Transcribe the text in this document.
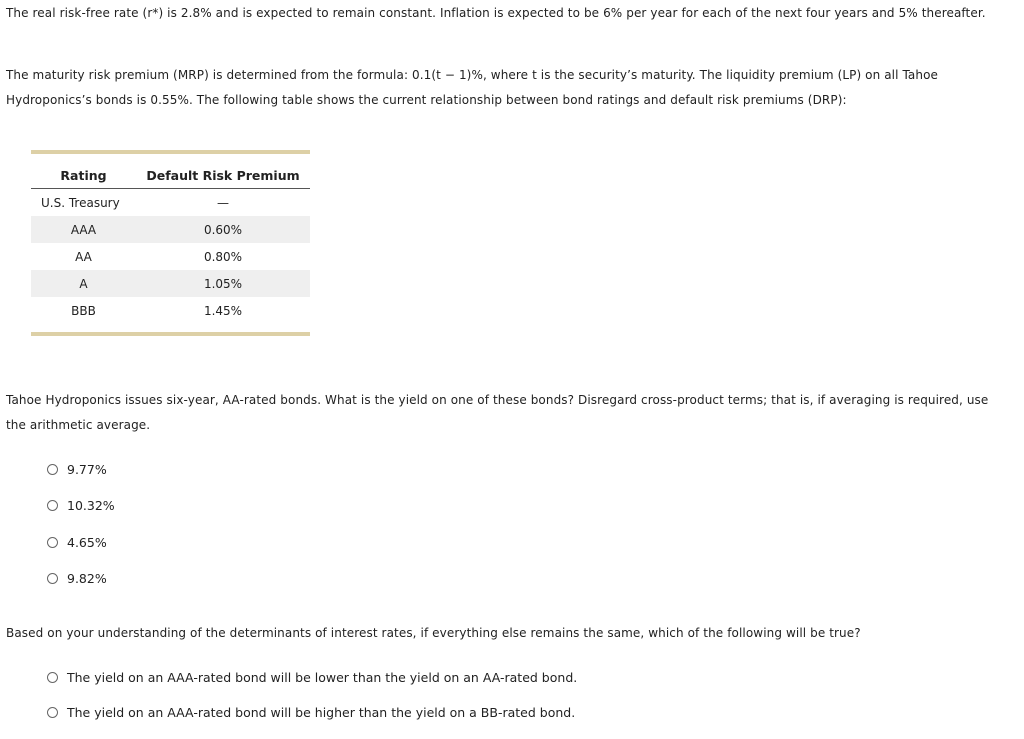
The real risk-free rate (r*) is 2.8% and is expected to remain constant. Inflation is expected to be 6% per year for each of the next four years and 5% thereafter.

The maturity risk premium (MRP) is determined from the formula: 0.1(t − 1)%, where t is the security’s maturity. The liquidity premium (LP) on all Tahoe Hydroponics’s bonds is 0.55%. The following table shows the current relationship between bond ratings and default risk premiums (DRP):

Rating	Default Risk Premium
U.S. Treasury	—
AAA	0.60%
AA	0.80%
A	1.05%
BBB	1.45%

Tahoe Hydroponics issues six-year, AA-rated bonds. What is the yield on one of these bonds? Disregard cross-product terms; that is, if averaging is required, use the arithmetic average.

9.77%
10.32%
4.65%
9.82%

Based on your understanding of the determinants of interest rates, if everything else remains the same, which of the following will be true?

The yield on an AAA-rated bond will be lower than the yield on an AA-rated bond.
The yield on an AAA-rated bond will be higher than the yield on a BB-rated bond.
